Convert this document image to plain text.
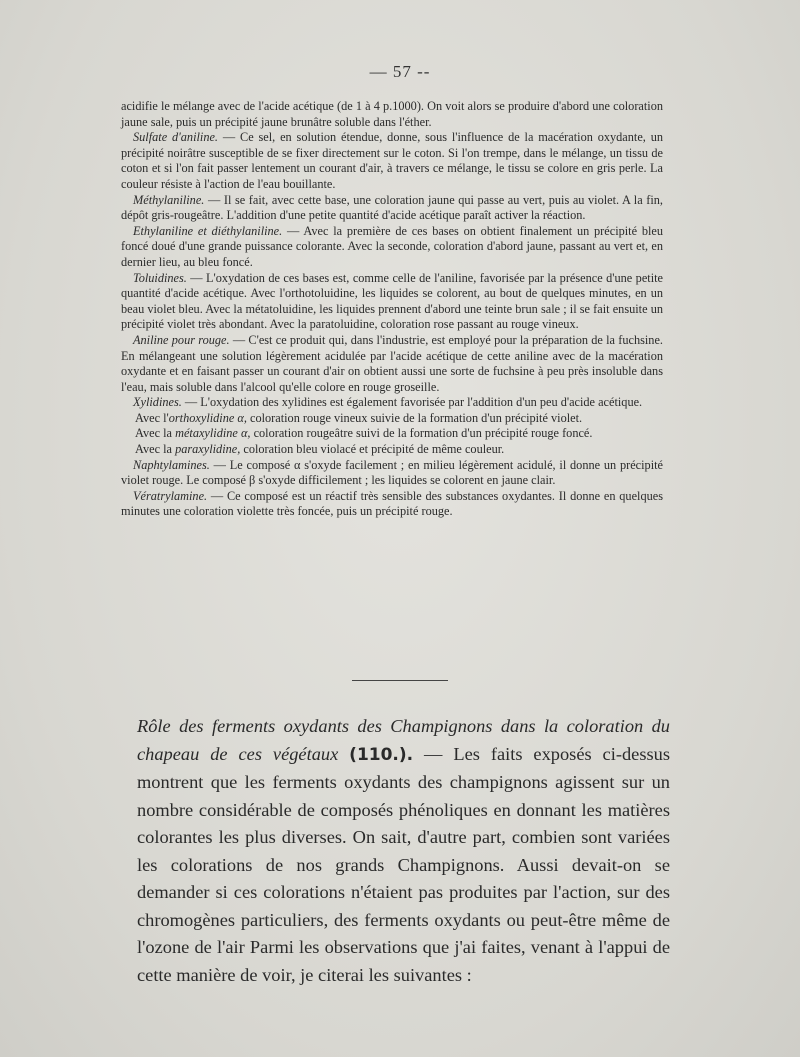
— 57 --

acidifie le mélange avec de l'acide acétique (de 1 à 4 p.1000). On voit alors se produire d'abord une coloration jaune sale, puis un précipité jaune brunâtre soluble dans l'éther.

Sulfate d'aniline. — Ce sel, en solution étendue, donne, sous l'influence de la macération oxydante, un précipité noirâtre susceptible de se fixer directement sur le coton. Si l'on trempe, dans le mélange, un tissu de coton et si l'on fait passer lentement un courant d'air, à travers ce mélange, le tissu se colore en gris perle. La couleur résiste à l'action de l'eau bouillante.

Méthylaniline. — Il se fait, avec cette base, une coloration jaune qui passe au vert, puis au violet. A la fin, dépôt gris-rougeâtre. L'addition d'une petite quantité d'acide acétique paraît activer la réaction.

Ethylaniline et diéthylaniline. — Avec la première de ces bases on obtient finalement un précipité bleu foncé doué d'une grande puissance colorante. Avec la seconde, coloration d'abord jaune, passant au vert et, en dernier lieu, au bleu foncé.

Toluidines. — L'oxydation de ces bases est, comme celle de l'aniline, favorisée par la présence d'une petite quantité d'acide acétique. Avec l'orthotoluidine, les liquides se colorent, au bout de quelques minutes, en un beau violet bleu. Avec la métatoluidine, les liquides prennent d'abord une teinte brun sale ; il se fait ensuite un précipité violet très abondant. Avec la paratoluidine, coloration rose passant au rouge vineux.

Aniline pour rouge. — C'est ce produit qui, dans l'industrie, est employé pour la préparation de la fuchsine. En mélangeant une solution légèrement acidulée par l'acide acétique de cette aniline avec de la macération oxydante et en faisant passer un courant d'air on obtient aussi une sorte de fuchsine à peu près insoluble dans l'eau, mais soluble dans l'alcool qu'elle colore en rouge groseille.

Xylidines. — L'oxydation des xylidines est également favorisée par l'addition d'un peu d'acide acétique.

Avec l'orthoxylidine α, coloration rouge vineux suivie de la formation d'un précipité violet.

Avec la métaxylidine α, coloration rougeâtre suivi de la formation d'un précipité rouge foncé.

Avec la paraxylidine, coloration bleu violacé et précipité de même couleur.

Naphtylamines. — Le composé α s'oxyde facilement ; en milieu légèrement acidulé, il donne un précipité violet rouge. Le composé β s'oxyde difficilement ; les liquides se colorent en jaune clair.

Vératrylamine. — Ce composé est un réactif très sensible des substances oxydantes. Il donne en quelques minutes une coloration violette très foncée, puis un précipité rouge.

Rôle des ferments oxydants des Champignons dans la coloration du chapeau de ces végétaux (110.). — Les faits exposés ci-dessus montrent que les ferments oxydants des champignons agissent sur un nombre considérable de composés phénoliques en donnant les matières colorantes les plus diverses. On sait, d'autre part, combien sont variées les colorations de nos grands Champignons. Aussi devait-on se demander si ces colorations n'étaient pas produites par l'action, sur des chromogènes particuliers, des ferments oxydants ou peut-être même de l'ozone de l'air Parmi les observations que j'ai faites, venant à l'appui de cette manière de voir, je citerai les suivantes :
